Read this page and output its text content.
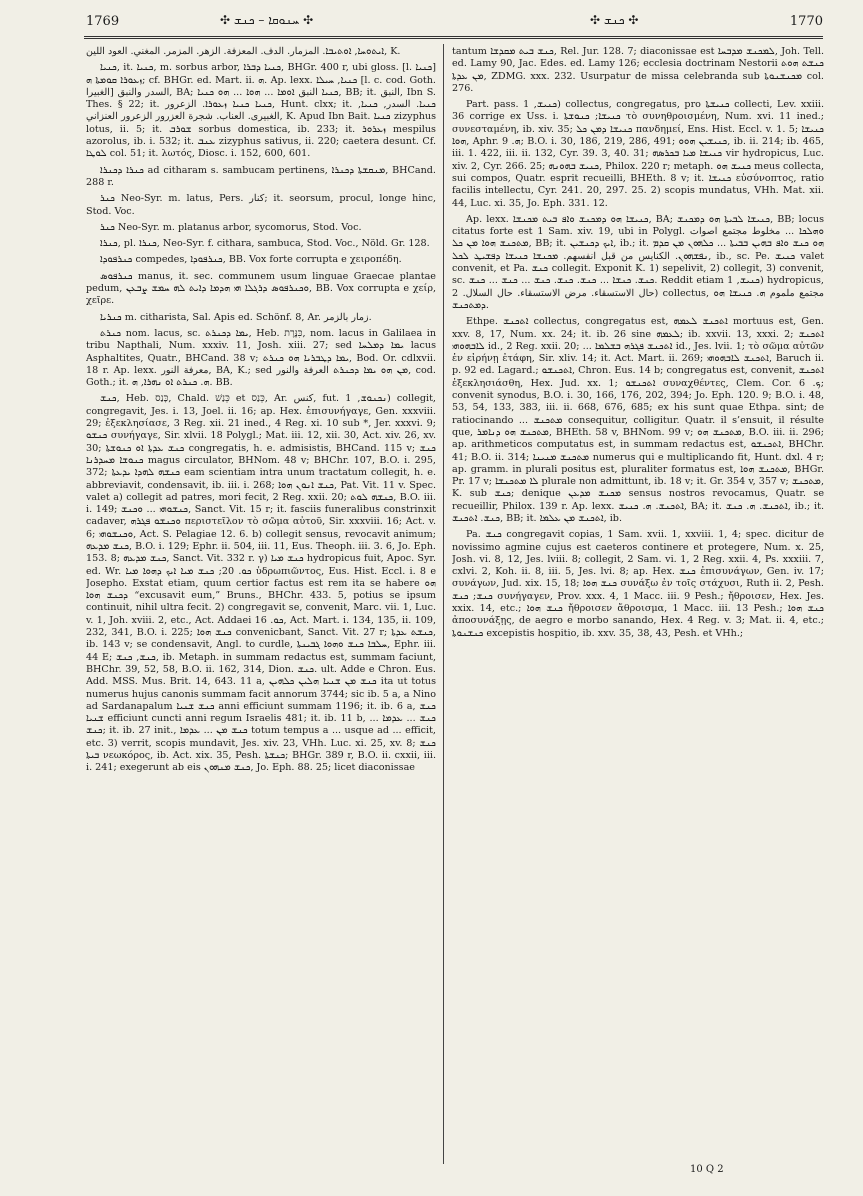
1769	✣ ܚܢܘܩܐ – ܟܢܫ ✣	✣ ܟܢܫ ✣	1770

ܐܝܬܘܚܐ, ܐܘܬܝܒܐ. المزمار. الدف. المعزفة. الزهر. المزمر. المغني. العود اللين, K.

ܟܢܝܐ, it. ܟܢܝܐ, m. sorbus arbor, ܟܢܝܐ ܕܒܪܐ, BHGr. 400 r, ubi gloss. [l. ܟܢܝܐ] ܙܥܘܪܐ ܩܘܡܬܐ ܗ; cf. BHGr. ed. Mart. ii. ܗ. Ap. lexx. ܟܢܝܐ, ܚܝܠܐ [l. c. cod. Goth. الغبيرا] السدر والنبق, BA; ܟܢܝܐ النبق ܐܘܡܐ ... ܗܘܐ ... ܗܘ ܟܢܝܐ, BB; it. النبق, Ibn S. Thes. § 22; it. ܟܢܝܐ ܟܢܝܐ ܙܥܘܪܐ. الزعرور, Hunt. clxx; it. ܟܢܝܐ. السدر, ܟܢܝܐ, الغبيرى. العناب. شجرة العزرور الزعرور العنزاني, K. Apud Ibn Bait. ܟܢܝܐ zizyphus lotus, ii. 5; it. ܫܘܪܒ sorbus domestica, ib. 233; it. ܙܥܪܘܪ mespilus azorolus, ib. i. 532; it. ܥܢܒ zizyphus sativus, ii. 220; caetera desunt. Cf. ܠܘܛܐ col. 51; it. λωτός, Diosc. i. 152, 600, 601.

ܟܢܪܐ ܕܟܢܪܐ ad citharam s. sambucam pertinens, ܡܢܩܫܬܐ ܕܟܢܪܐ, BHCand. 288 r.

ܟܢܪ Neo-Syr. m. latus, Pers. كنار; it. seorsum, procul, longe hinc, Stod. Voc.

ܟܢܪ Neo-Syr. m. platanus arbor, sycomorus, Stod. Voc.

ܟܢܪܐ, pl. ܟܢܪܐ, Neo-Syr. f. cithara, sambuca, Stod. Voc., Nöld. Gr. 128.

ܟܢܪܦܘܕܐ compedes, ܟܢܪܦܘܕܐ, BB. Vox forte corrupta e χειροπέδη.

ܟܢܪܦܘܣ manus, it. sec. communem usum linguae Graecae plantae pedum, ܘܟܢܪܦܘܣ ܕܪܓܠܐ ܗܝ ܗܕܡܐ ܕܐܝܬ ܠܗ ܚܡܫ ܨܒܥܢ, BB. Vox corrupta e χείρ, χεῖρε.

ܟܢܪܝܐ m. citharista, Sal. Apis ed. Schönf. 8, Ar. زمار بالزمر.

ܟܢܪܬ nom. lacus, sc. ܝܡܐ ܕܟܢܪܬ, Heb. כִּנֶּרֶת, nom. lacus in Galilaea in tribu Napthali, Num. xxxiv. 11, Josh. xiii. 27; sed ܝܡܐ ܕܡܠܚܐ lacus Asphaltites, Quatr., BHCand. 38 v; ܝܡܐ ܕܛܒܪܝܐ ܗܘ ܟܢܪܬ, Bod. Or. cdlxvii. 18 r. Ap. lexx. معرفة النور, BA, K.; sed ܡܢ ܗܘ ܝܡܐ ܕܟܢܪܬ العرفة والنور, cod. Goth.; it. ܗ. ܟܢܪܬ ܐܘ ܢܗܪܐ, ܗ. BB.

ܟܢܫ, Heb. כָּנַס, Chald. כְּנַשׁ et כְּנַס, Ar. كنس, fut. ܢܟܢܘܫ, 1) collegit, congregavit, Jes. i. 13, Joel. ii. 16; ap. Hex. ἐπισυνήγαγε, Gen. xxxviii. 29; ἐξεκλησίασε, 3 Reg. xii. 21 ined., 4 Reg. xi. 10 sub *, Jer. xxxvi. 9; ܟܢܫܘ συνήγαγε, Sir. xlvii. 18 Polygl.; Mat. iii. 12, xii. 30, Act. xiv. 26, xv. 30; ܟܢܫ ܥܕܬܐ ܐܘ ܟܢܘܫܬܐ congregatis, h. e. admisistis, BHCand. 115 v; ܟܢܫ ܟܢܘܫܐ ܡܚܕܪܢܐ magus circulator, BHNom. 48 v; BHChr. 107, B.O. i. 295, 372; ܟܢܫܗ ܠܗܕܐ ܝܕܥܬܐ eam scientiam intra unum tractatum collegit, h. e. abbreviavit, condensavit, ib. iii. i. 268; ܟܢܫ ܐܢܘܢ ܗܘܐ, Pat. Vit. 11 v. Spec. valet a) collegit ad patres, mori fecit, 2 Reg. xxii. 20; ܟܢܫܗ ܠܘܬ, B.O. iii. i. 149; ܟܢܫܘܗܝ ... ܘܟܢܫ, Sanct. Vit. 15 r; it. fasciis funeralibus constrinxit cadaver, ܘܟܢܫܘ ܦܓܪܗ περιστεῖλον τὸ σῶμα αὐτοῦ, Sir. xxxviii. 16; Act. v. 6; ܘܟܢܫܘܗܝ, Act. S. Pelagiae 12. 6. b) collegit sensus, revocavit animum; ܟܢܫ ܡܕܥܗ, B.O. i. 129; Ephr. ii. 504, iii. 11, Eus. Theoph. iii. 3. 6, Jo. Eph. 153. 8; ܟܢܫ ܡܕܥܗ, Sanct. Vit. 332 r. γ) ܟܢܫ ܡܝܐ hydropicus fuit, Apoc. Syr. ed. Wr. ܟܘ. 20; ܟܢܫ ܡܝܐ ܐܝܟ ܕܗܘܐ ܡܝܐ ὑδρωπιῶντος, Eus. Hist. Eccl. i. 8 e Josepho. Exstat etiam, quum certior factus est rem ita se habere ܗܘ ܕܟܢܫ ܗܘܐ “excusavit eum,” Bruns., BHChr. 433. 5, potius se ipsum continuit, nihil ultra fecit. 2) congregavit se, convenit, Marc. vii. 1, Luc. v. 1, Joh. xviii. 2, etc., Act. Addaei ܟܘ. 16, Act. Mart. i. 134, 135, ii. 109, 232, 341, B.O. i. 225; ܟܢܫ ܗܘܐ convenicbant, Sanct. Vit. 27 r; ܟܢܫܬ ܥܕܬܐ, ib. 143 v; se condensavit, Angl. to curdle, ܚܠܒܐ ܟܢܫ ܘܗܘܐ ܓܒܝܢܬܐ, Ephr. iii. 44 E; ܟܢܫ, ܟܢܫ, ib. Metaph. in summam redactus est, summam faciunt, BHChr. 39, 52, 58, B.O. ii. 162, 314, Dion. ܟܢܫ. ult. Adde e Chron. Eus. Add. MSS. Mus. Brit. 14, 643. 11 a, ܟܢܫ ܡܢ ܫܢܝܐ ܗܠܝܢ ܟܠܗܝܢ ita ut totus numerus hujus canonis summam facit annorum 3744; sic ib. 5 a, a Nino ad Sardanapalum ܟܢܫ ܫܢܝܐ anni efficiunt summam 1196; it. ib. 6 a, ܟܢܫ ܫܢܝܐ efficiunt cuncti anni regum Israelis 481; it. ib. 11 b, ܟܢܫ ... ܥܕܡܐ ... ܟܢܫ; it. ib. 27 init., ܟܢܫ ܡܢ ... ܥܕܡܐ totum tempus a ... usque ad ... efficit, etc. 3) verrit, scopis mundavit, Jes. xiv. 23, VHh. Luc. xi. 25, xv. 8; ܟܢܫ ܒܝܬܐ νεωκόρος, ib. Act. xix. 35, Pesh. ܟܢܫܬܐ; BHGr. 389 r, B.O. ii. cxxii, iii. i. 241; exegerunt ab eis ܟܢܫ ܡܢܗܘܢ, Jo. Eph. 88. 25; licet diaconissae

tantum ܟܢܫ ܒܝܬ ܡܩܕܫܐ, Rel. Jur. 128. 7; diaconissae est ܠܡܟܢܫ ܡܕܒܚܐ, Joh. Tell. ed. Lamy 90, Jac. Edes. ed. Lamy 126; ecclesia doctrinam Nestorii ܟܢܫܬ ܗܘܬ ܡܢ ܥܕܬܐ, ZDMG. xxx. 232. Usurpatur de missa celebranda sub ܡܟܢܫܢܘܬܐ col. 276.

Part. pass. ܟܢܝܫ, 1) collectus, congregatus, pro ܟܢܝܫܬܐ collecti, Lev. xxiii. 36 corrige ex Uss. i. ܟܢܝܫܐ; ܟܢܘܫܬܐ τὸ συνηθροισμένη, Num. xvi. 11 ined.; συνεσταμένη, ib. xiv. 35; ܟܢܝܫܐ ܕܡܢ ܟܠ πανδημεί, Ens. Hist. Eccl. v. 1. 5; ܟܢܝܫܐ ܗܘܐ, Aphr. ܗ. 9; B.O. i. 30, 186, 219, 286, 491; ܟܢܝܫܝܢ ܗܘܘ, ib. ii. 214; ib. 465, iii. 1. 422, iii. ii. 132, Cyr. 39. 3, 40. 31; ܟܢܝܫܐ ܡܝܐ ܒܟܪܣܗ vir hydropicus, Luc. xiv. 2, Cyr. 266. 25; ܟܢܝܫ ܒܗܘܢܗ, Philox. 220 r; metaph. ܟܢܝܫ ܗܘ meus collecta, sui compos, Quatr. esprit recueilli, BHEth. 8 v; it. ܟܢܝܫܐ εὐσύνοπτος, ratio facilis intellectu, Cyr. 241. 20, 297. 25. 2) scopis mundatus, VHh. Mat. xii. 44, Luc. xi. 35, Jo. Eph. 331. 12.

Ap. lexx. ܟܢܝܫܐ ܗܘ ܕܡܟܢܫ ܘܐܦ ܒܝܬ ܡܟܢܫܐ, BA; ܟܢܝܫܐ ܠܒܝܬܐ ܗܘ ܕܡܟܢܫ, BB; locus citatus forte est 1 Sam. xiv. 19, ubi in Polygl. ܘܗܠܟܐ ... مخلوط مجتمع اصوات ܡܬܟܢܫ ܗܘܐ ܡܢ ܟܠ, BB; it. ܐܝܟ ܕܟܢܫܝܢ, ib.; it. ܗܘ ܟܢܫ ܘܐܦ ܒܗܝܢ ܒܒܝܬܐ ... ܟܠܗܘܢ ܡܢ ܩܕܡ ܢܦܫܗܘܢ. الكنايس من قبل انفسهم. ܡܟܢܫܐ ܟܢܝܫܐ ܕܦܫܝܛ ܠܟܠ, ib., sc. Pe. ܟܢܝܫ valet convenit, et Pa. ܟܢܫ collegit. Exponit K. 1) sepelivit, 2) collegit, 3) convenit, sc. ܟܢܫ. ܟܢܫܐ ... ܟܢܫ. ܟܢܫ. ܟܢܫ ... ܟܢܫ ... ܟܢܫ. Reddit etiam ܟܢܝܫ, 1) hydropicus, حال الاستسقاء. مرض الاستسقاء. حال السلال. 2) collectus, مجتمع ملموم ܗ. ܟܢܝܫܐ ܗܘ ܕܡܬܟܢܫ.

Ethpe. ܐܬܟܢܫ collectus, congregatus est, ܐܬܟܢܫ ܠܥܡܗ mortuus est, Gen. xxv. 8, 17, Num. xx. 24; it. ib. 26 sine ܠܥܡܗ; ib. xxvii. 13, xxxi. 2; ܐܬܟܢܫ ܠܐܒܗܘܗܝ id., 2 Reg. xxii. 20; ... ܐܬܟܢܫ ܦܓܪܗ ܒܫܠܡܐ id., Jes. lvii. 1; τὸ σῶμα αὐτῶν ἐν εἰρήνῃ ἐτάφη, Sir. xliv. 14; it. Act. Mart. ii. 269; ܐܬܟܢܫ ܠܐܒܗܘܗܝ, Baruch ii. p. 92 ed. Lagard.; ܐܬܟܢܫܘ, Chron. Eus. 14 b; congregatus est, convenit, ܐܬܟܢܫ ἐξεκλησιάσθη, Hex. Jud. xx. 1; ܐܬܟܢܫܘ συναχθέντες, Clem. Cor. ܟ. 6; convenit synodus, B.O. i. 30, 166, 176, 202, 394; Jo. Eph. 120. 9; B.O. i. 48, 53, 54, 133, 383, iii. ii. 668, 676, 685; ex his sunt quae Ethpa. sint; de ratiocinando ... ܡܬܟܢܫ consequitur, colligitur. Quatr. il s’ensuit, il résulte que, ܡܬܟܢܫ ܗܘ ܕܢܐܡܪ, BHEth. 58 v, BHNom. 99 v; ܡܬܟܢܫ ܗܘ, B.O. iii. ii. 296; ap. arithmeticos computatus est, in summam redactus est, ܐܬܟܢܫܘ, BHChr. 41; B.O. ii. 314; ܡܬܟܢܫ ܡܢܝܢܐ numerus qui e multiplicando fit, Hunt. dxl. 4 r; ap. gramm. in plurali positus est, pluraliter formatus est, ܡܬܟܢܫ ܗܘܐ, BHGr. Pr. 17 v; ܠܐ ܡܬܟܢܫܐ plurale non admittunt, ib. 18 v; it. Gr. 354 v, 357 v; ܡܬܟܢܫ, K. sub ܟܢܫ; denique ܡܟܢܫ ܡܕܥܢ sensus nostros revocamus, Quatr. se recueillir, Philox. 139 r. Ap. lexx. ܐܬܟܢܫ. ܗ. ܟܢܝܫ, BA; it. ܐܬܟܢܫ. ܗ. ܟܢܫ, ib.; it. ܟܢܫ. ܐܬܟܢܫ, BB; it. ܐܬܟܢܫ ܡܢ ܥܠܡܐ, ib.

Pa. ܟܢܫ congregavit copias, 1 Sam. xvii. 1, xxviii. 1, 4; spec. dicitur de novissimo agmine cujus est caeteros continere et protegere, Num. x. 25, Josh. vi. 8, 12, Jes. lviii. 8; collegit, 2 Sam. vi. 1, 2 Reg. xxii. 4, Ps. xxxiii. 7, cxlvi. 2, Koh. ii. 8, iii. 5, Jes. lvi. 8; ap. Hex. ܟܢܫ ἐπισυνάγων, Gen. iv. 17; συνάγων, Jud. xix. 15, 18; ܟܢܫ ܗܘܐ συνάξω ἐν τοῖς στάχυσι, Ruth ii. 2, Pesh. ܟܢܫ; ܟܢܫ συνήγαγεν, Prov. xxx. 4, 1 Macc. iii. 9 Pesh.; ἤθροισεν, Hex. Jes. xxix. 14, etc.; ܟܢܫ ܗܘܐ ἤθροισεν ἄθροισμα, 1 Macc. iii. 13 Pesh.; ܟܢܫ ܗܘܐ ἀποσυνάξῃς, de aegro e morbo sanando, Hex. 4 Reg. v. 3; Mat. ii. 4, etc.; ܟܢܫܢܘܬܐ excepistis hospitio, ib. xxv. 35, 38, 43, Pesh. et VHh.;

10 Q 2
